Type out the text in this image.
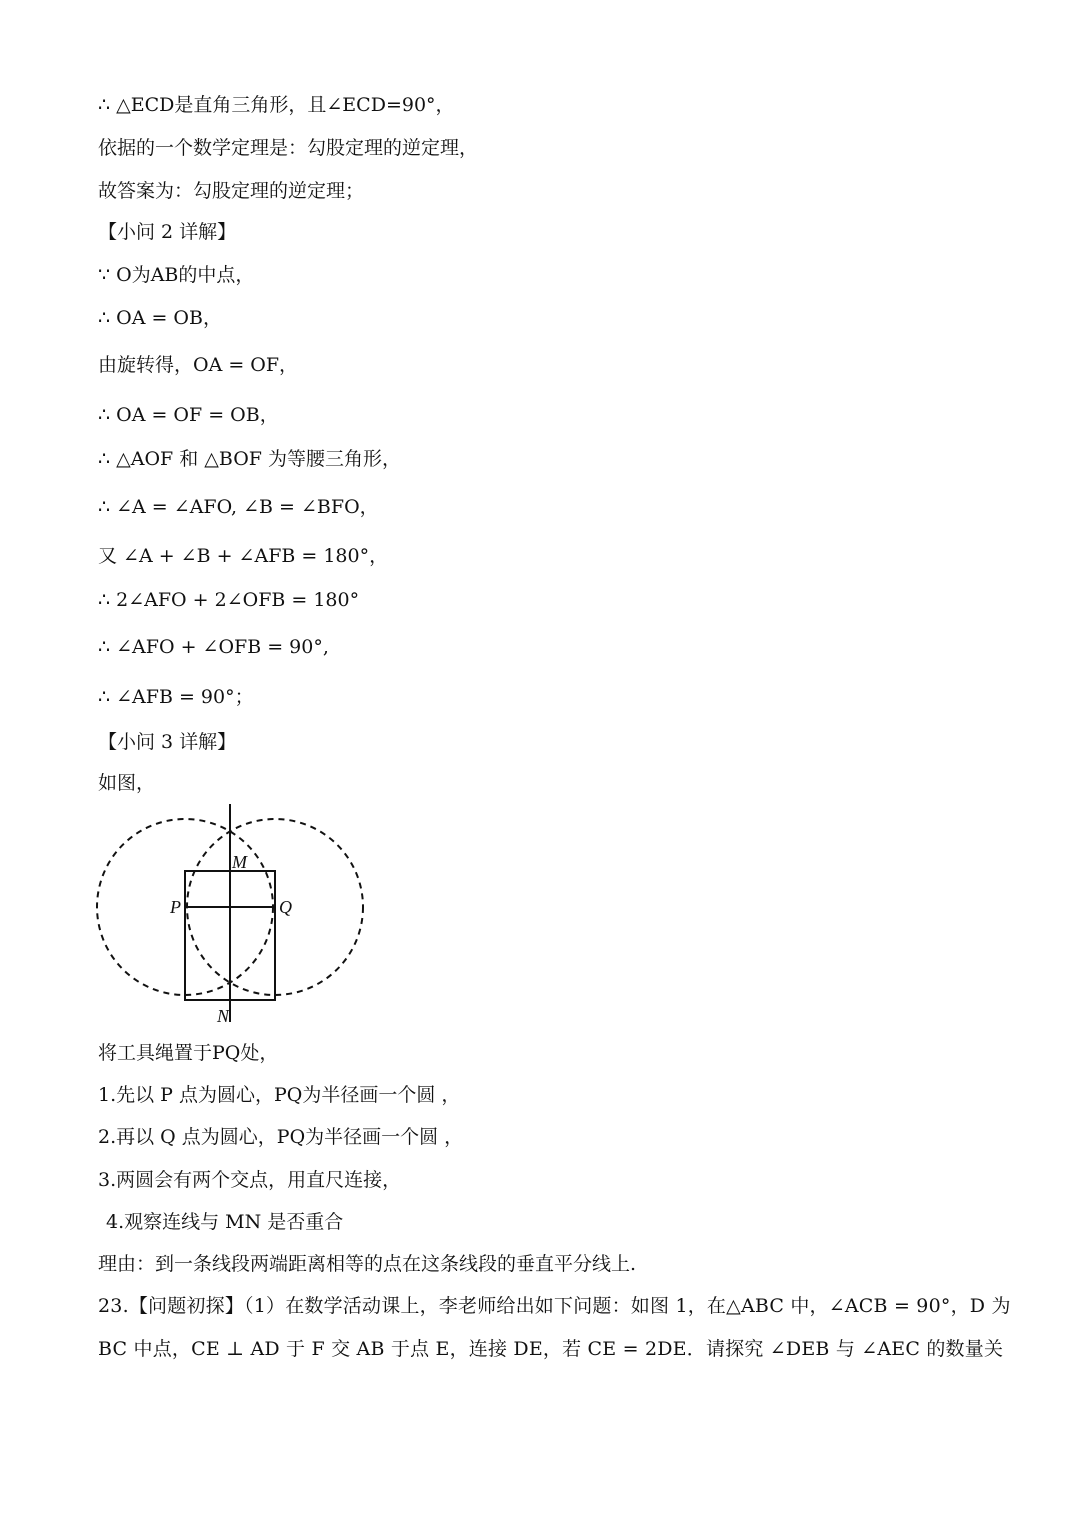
∴ △ECD是直角三角形，且∠ECD=90°，
依据的一个数学定理是：勾股定理的逆定理，
故答案为：勾股定理的逆定理；
【小问 2 详解】
∵ O为AB的中点，
∴ OA = OB，
由旋转得，OA = OF，
∴ OA = OF = OB，
∴ △AOF 和 △BOF 为等腰三角形，
∴ ∠A = ∠AFO, ∠B = ∠BFO，
又 ∠A + ∠B + ∠AFB = 180°，
∴ 2∠AFO + 2∠OFB = 180°
∴ ∠AFO + ∠OFB = 90°,
∴ ∠AFB = 90°；
【小问 3 详解】
如图，
M
P	Q
N
将工具绳置于PQ处，
1.先以 P 点为圆心，PQ为半径画一个圆 ，
2.再以 Q 点为圆心，PQ为半径画一个圆 ，
3.两圆会有两个交点，用直尺连接，
4.观察连线与 MN 是否重合
理由：到一条线段两端距离相等的点在这条线段的垂直平分线上.
23.【问题初探】（1）在数学活动课上，李老师给出如下问题：如图 1，在△ABC 中，∠ACB = 90°，D 为
BC 中点，CE ⊥ AD 于 F 交 AB 于点 E，连接 DE，若 CE = 2DE．请探究 ∠DEB 与 ∠AEC 的数量关
